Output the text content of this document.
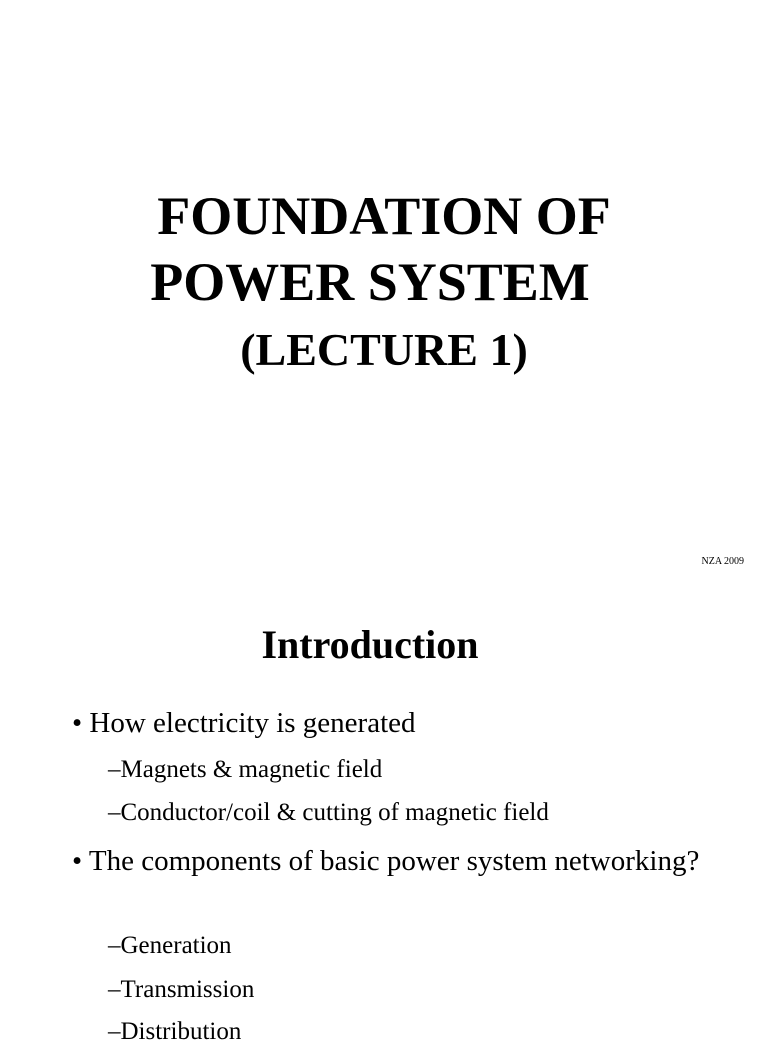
FOUNDATION OF
POWER SYSTEM
(LECTURE 1)
NZA 2009
Introduction
• How electricity is generated
–Magnets & magnetic field
–Conductor/coil & cutting of magnetic field
• The components of basic power system networking?
–Generation
–Transmission
–Distribution
